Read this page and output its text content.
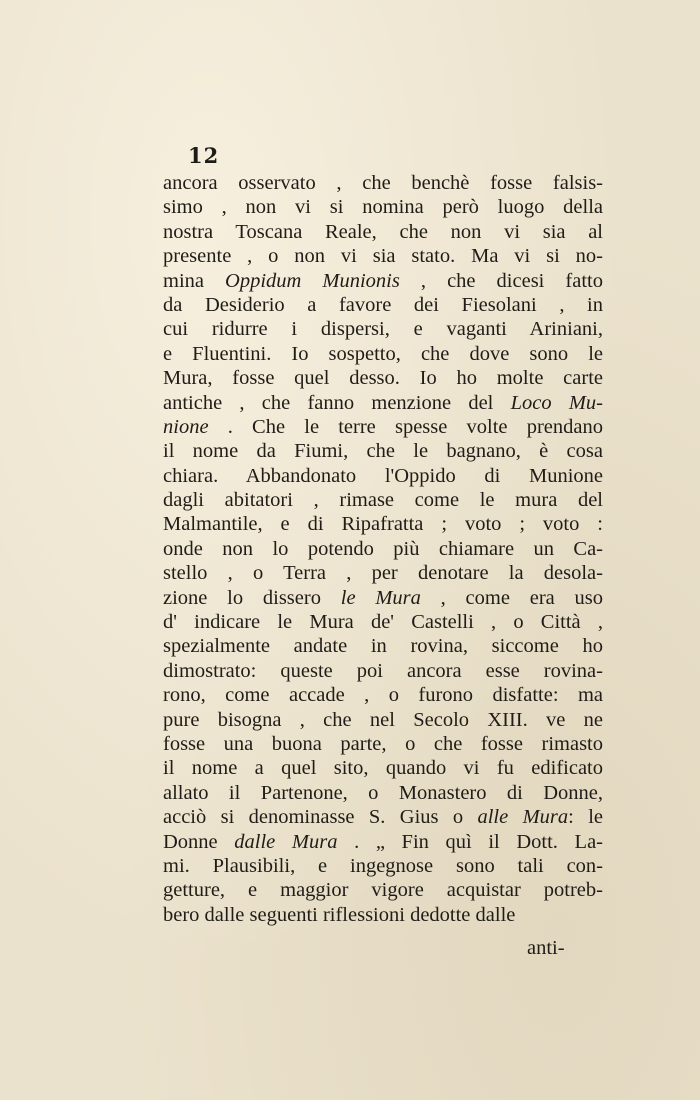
12
ancora osservato , che benchè fosse falsis-
simo , non vi si nomina però luogo della
nostra Toscana Reale, che non vi sia al
presente , o non vi sia stato. Ma vi si no-
mina Oppidum Munionis , che dicesi fatto
da Desiderio a favore dei Fiesolani , in
cui ridurre i dispersi, e vaganti Ariniani,
e Fluentini. Io sospetto, che dove sono le
Mura, fosse quel desso. Io ho molte carte
antiche , che fanno menzione del Loco Mu-
nione . Che le terre spesse volte prendano
il nome da Fiumi, che le bagnano, è cosa
chiara. Abbandonato l'Oppido di Munione
dagli abitatori , rimase come le mura del
Malmantile, e di Ripafratta ; voto ; voto :
onde non lo potendo più chiamare un Ca-
stello , o Terra , per denotare la desola-
zione lo dissero le Mura , come era uso
d' indicare le Mura de' Castelli , o Città ,
spezialmente andate in rovina, siccome ho
dimostrato: queste poi ancora esse rovina-
rono, come accade , o furono disfatte: ma
pure bisogna , che nel Secolo XIII. ve ne
fosse una buona parte, o che fosse rimasto
il nome a quel sito, quando vi fu edificato
allato il Partenone, o Monastero di Donne,
acciò si denominasse S. Gius o alle Mura: le
Donne dalle Mura . „ Fin quì il Dott. La-
mi. Plausibili, e ingegnose sono tali con-
getture, e maggior vigore acquistar potreb-
bero dalle seguenti riflessioni dedotte dalle
anti-
